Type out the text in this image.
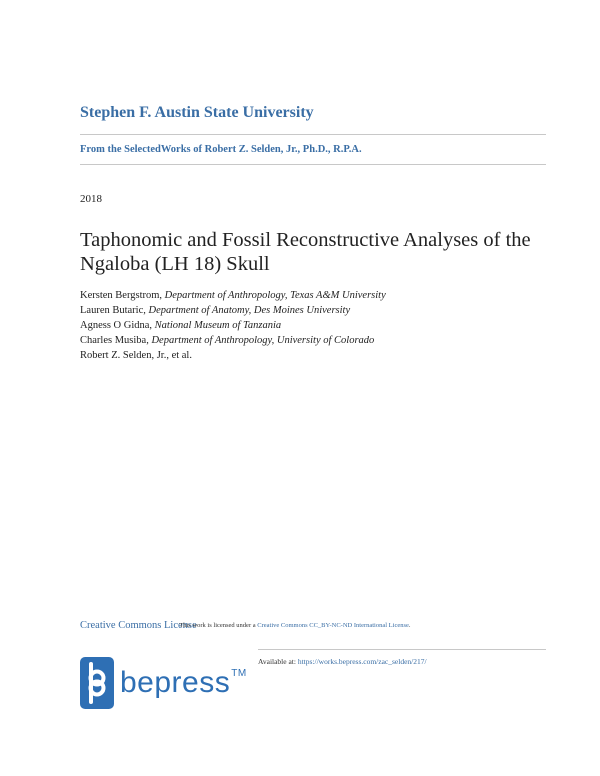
Stephen F. Austin State University
From the SelectedWorks of Robert Z. Selden, Jr., Ph.D., R.P.A.
2018
Taphonomic and Fossil Reconstructive Analyses of the Ngaloba (LH 18) Skull
Kersten Bergstrom, Department of Anthropology, Texas A&M University
Lauren Butaric, Department of Anatomy, Des Moines University
Agness O Gidna, National Museum of Tanzania
Charles Musiba, Department of Anthropology, University of Colorado
Robert Z. Selden, Jr., et al.
Creative Commons License This work is licensed under a Creative Commons CC_BY-NC-ND International License.
Available at: https://works.bepress.com/zac_selden/217/
bepress™
